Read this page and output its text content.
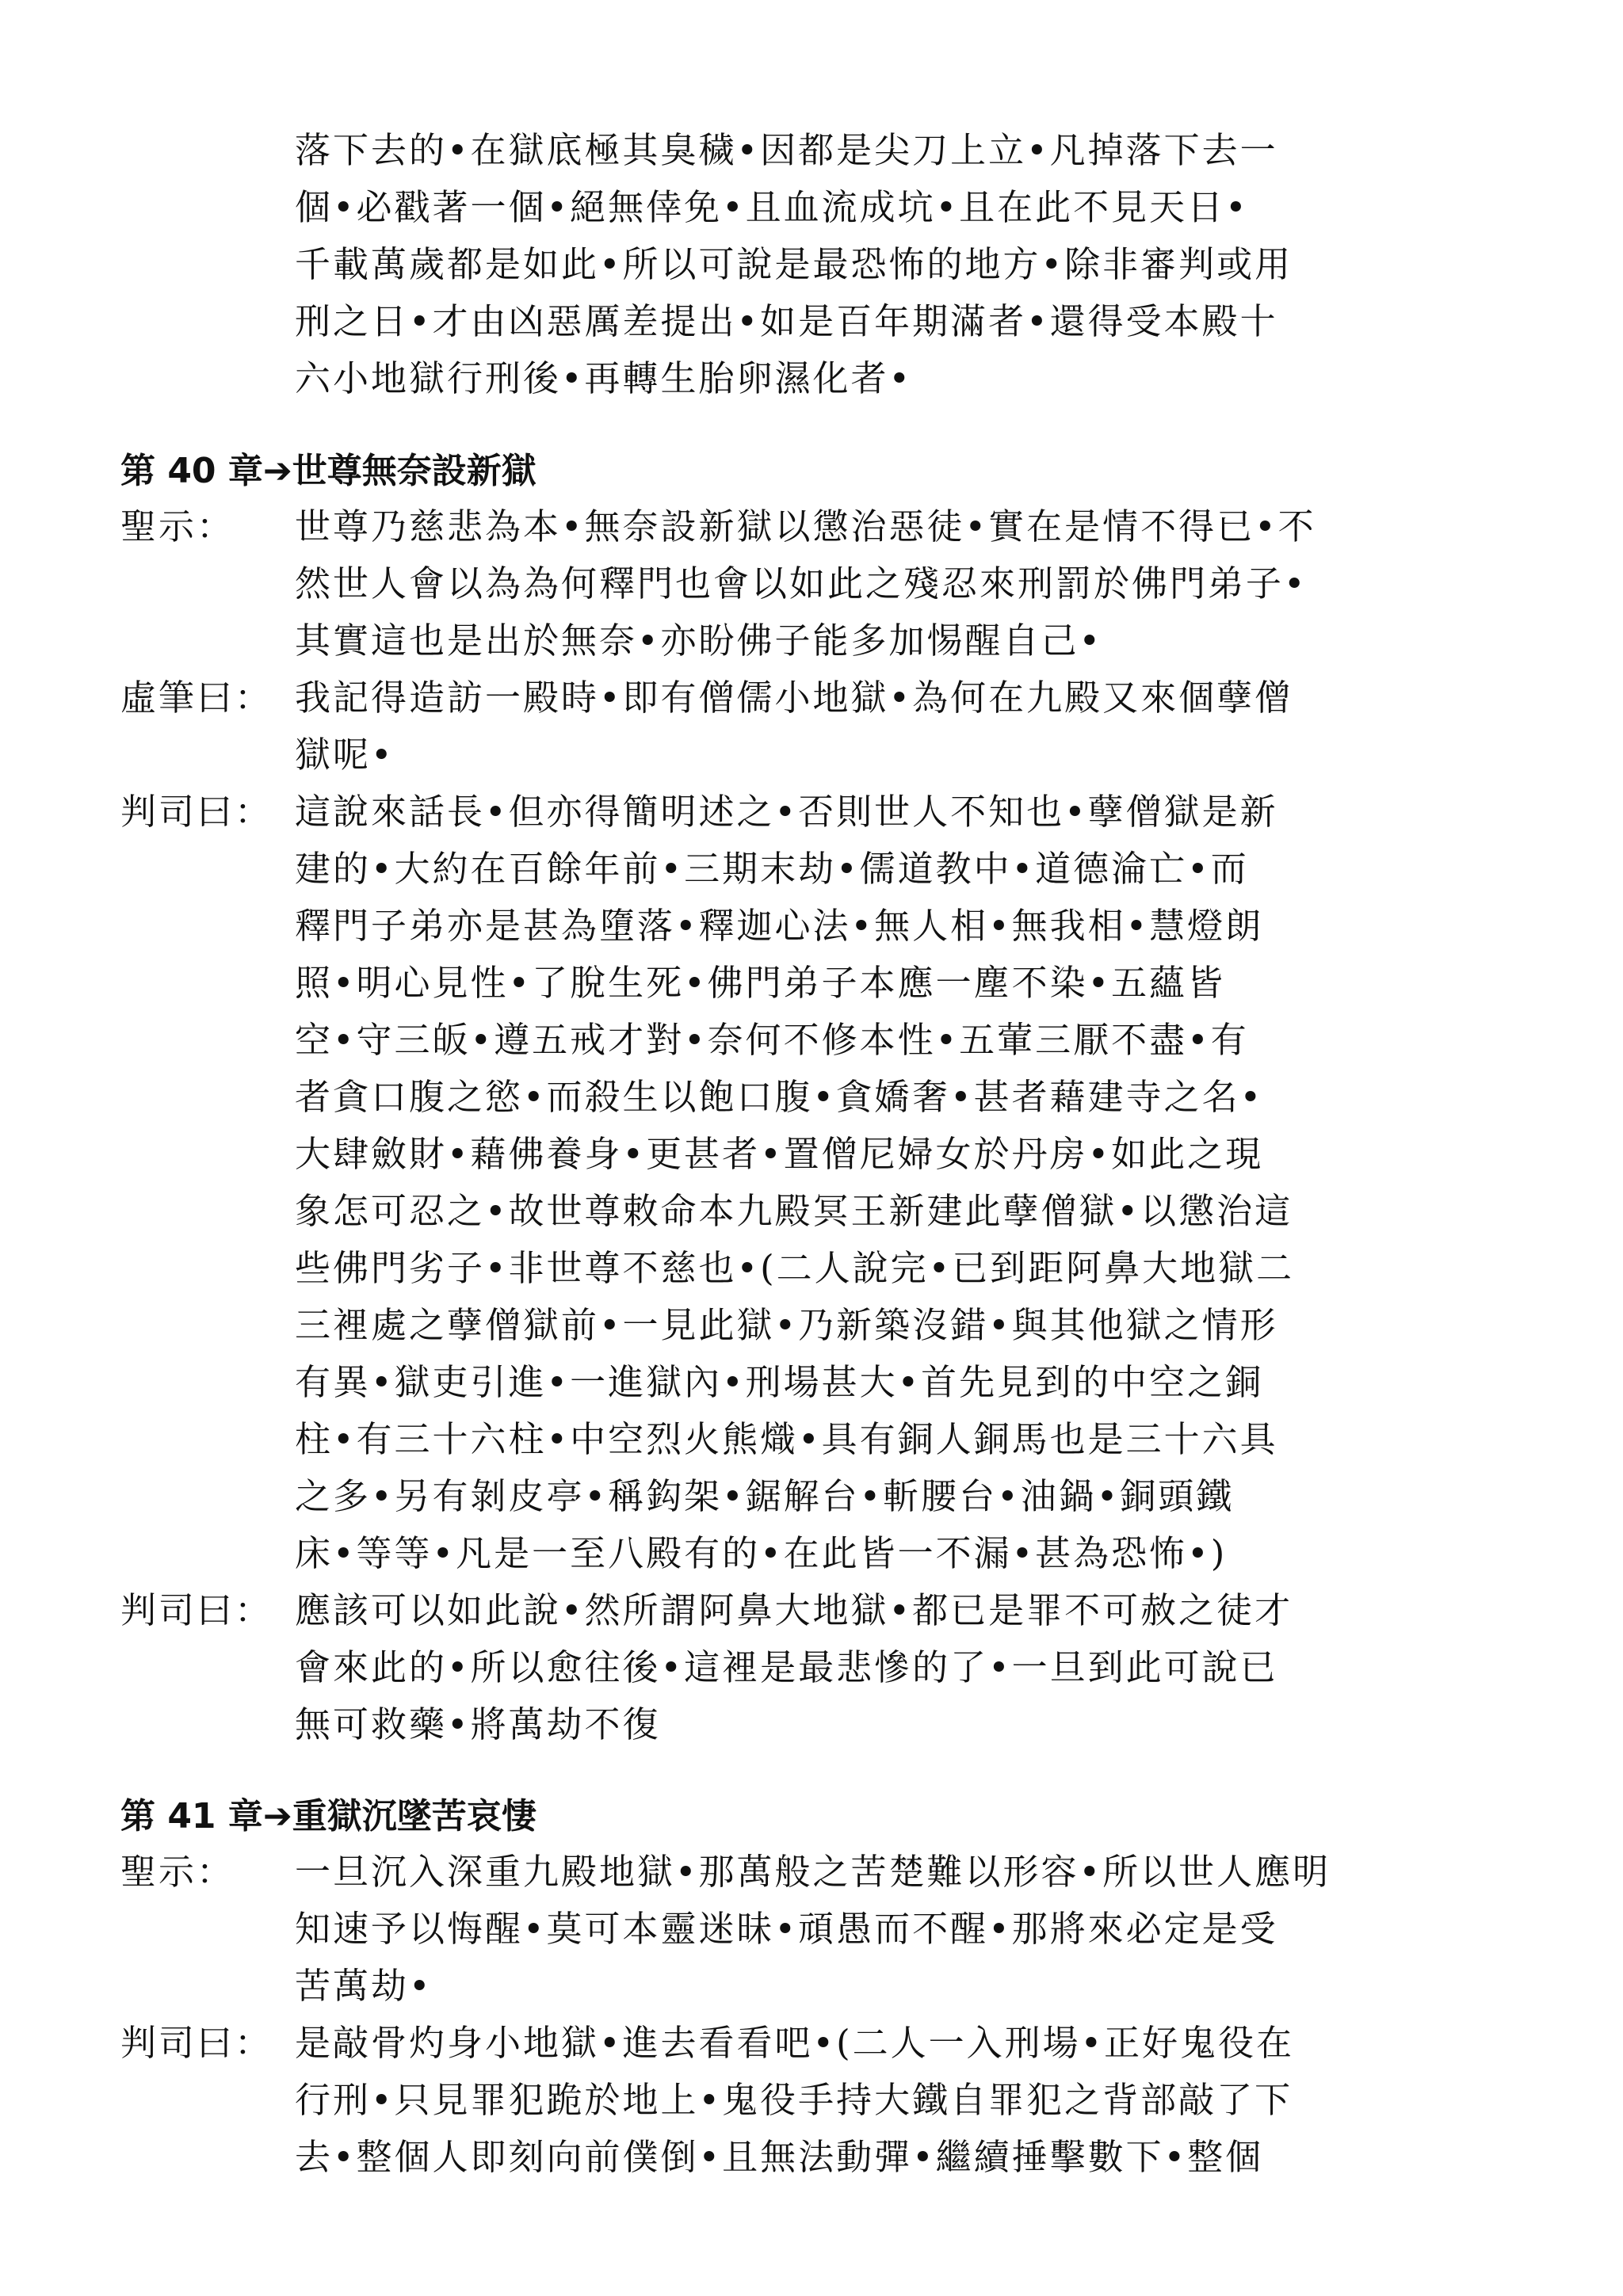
落下去的•在獄底極其臭穢•因都是尖刀上立•凡掉落下去一
個•必戳著一個•絕無倖免•且血流成坑•且在此不見天日•
千載萬歲都是如此•所以可說是最恐怖的地方•除非審判或用
刑之日•才由凶惡厲差提出•如是百年期滿者•還得受本殿十
六小地獄行刑後•再轉生胎卵濕化者•
第 40 章➔世尊無奈設新獄
聖示： 世尊乃慈悲為本•無奈設新獄以懲治惡徒•實在是情不得已•不
然世人會以為為何釋門也會以如此之殘忍來刑罰於佛門弟子•
其實這也是出於無奈•亦盼佛子能多加惕醒自己•
虛筆曰： 我記得造訪一殿時•即有僧儒小地獄•為何在九殿又來個孽僧
獄呢•
判司曰： 這說來話長•但亦得簡明述之•否則世人不知也•孽僧獄是新
建的•大約在百餘年前•三期末劫•儒道教中•道德淪亡•而
釋門子弟亦是甚為墮落•釋迦心法•無人相•無我相•慧燈朗
照•明心見性•了脫生死•佛門弟子本應一塵不染•五蘊皆
空•守三皈•遵五戒才對•奈何不修本性•五葷三厭不盡•有
者貪口腹之慾•而殺生以飽口腹•貪嬌奢•甚者藉建寺之名•
大肆斂財•藉佛養身•更甚者•置僧尼婦女於丹房•如此之現
象怎可忍之•故世尊敕命本九殿冥王新建此孽僧獄•以懲治這
些佛門劣子•非世尊不慈也•(二人說完•已到距阿鼻大地獄二
三裡處之孽僧獄前•一見此獄•乃新築沒錯•與其他獄之情形
有異•獄吏引進•一進獄內•刑場甚大•首先見到的中空之銅
柱•有三十六柱•中空烈火熊熾•具有銅人銅馬也是三十六具
之多•另有剝皮亭•稱鈎架•鋸解台•斬腰台•油鍋•銅頭鐵
床•等等•凡是一至八殿有的•在此皆一不漏•甚為恐怖•)
判司曰： 應該可以如此說•然所謂阿鼻大地獄•都已是罪不可赦之徒才
會來此的•所以愈往後•這裡是最悲慘的了•一旦到此可說已
無可救藥•將萬劫不復
第 41 章➔重獄沉墜苦哀悽
聖示： 一旦沉入深重九殿地獄•那萬般之苦楚難以形容•所以世人應明
知速予以悔醒•莫可本靈迷昧•頑愚而不醒•那將來必定是受
苦萬劫•
判司曰： 是敲骨灼身小地獄•進去看看吧•(二人一入刑場•正好鬼役在
行刑•只見罪犯跪於地上•鬼役手持大鐵自罪犯之背部敲了下
去•整個人即刻向前僕倒•且無法動彈•繼續捶擊數下•整個
